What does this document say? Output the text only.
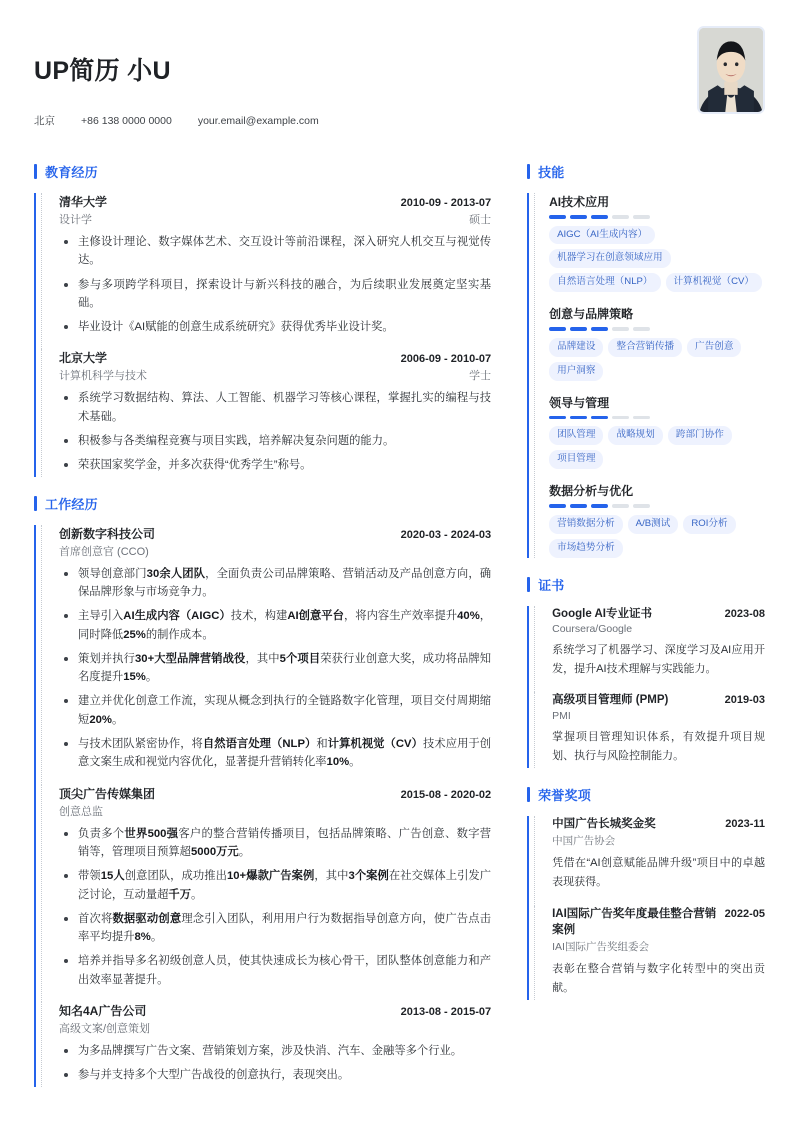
UP简历 小U
北京 +86 138 0000 0000 your.email@example.com
教育经历
清华大学	2010-09 - 2013-07
设计学	硕士
主修设计理论、数字媒体艺术、交互设计等前沿课程，深入研究人机交互与视觉传达。
参与多项跨学科项目，探索设计与新兴科技的融合，为后续职业发展奠定坚实基础。
毕业设计《AI赋能的创意生成系统研究》获得优秀毕业设计奖。
北京大学	2006-09 - 2010-07
计算机科学与技术	学士
系统学习数据结构、算法、人工智能、机器学习等核心课程，掌握扎实的编程与技术基础。
积极参与各类编程竞赛与项目实践，培养解决复杂问题的能力。
荣获国家奖学金，并多次获得“优秀学生”称号。
工作经历
创新数字科技公司	2020-03 - 2024-03
首席创意官 (CCO)
领导创意部门30余人团队，全面负责公司品牌策略、营销活动及产品创意方向，确保品牌形象与市场竞争力。
主导引入AI生成内容（AIGC）技术，构建AI创意平台，将内容生产效率提升40%，同时降低25%的制作成本。
策划并执行30+大型品牌营销战役，其中5个项目荣获行业创意大奖，成功将品牌知名度提升15%。
建立并优化创意工作流，实现从概念到执行的全链路数字化管理，项目交付周期缩短20%。
与技术团队紧密协作，将自然语言处理（NLP）和计算机视觉（CV）技术应用于创意文案生成和视觉内容优化，显著提升营销转化率10%。
顶尖广告传媒集团	2015-08 - 2020-02
创意总监
负责多个世界500强客户的整合营销传播项目，包括品牌策略、广告创意、数字营销等，管理项目预算超5000万元。
带领15人创意团队，成功推出10+爆款广告案例，其中3个案例在社交媒体上引发广泛讨论，互动量超千万。
首次将数据驱动创意理念引入团队，利用用户行为数据指导创意方向，使广告点击率平均提升8%。
培养并指导多名初级创意人员，使其快速成长为核心骨干，团队整体创意能力和产出效率显著提升。
知名4A广告公司	2013-08 - 2015-07
高级文案/创意策划
为多品牌撰写广告文案、营销策划方案，涉及快消、汽车、金融等多个行业。
参与并支持多个大型广告战役的创意执行，表现突出。
技能
AI技术应用
AIGC（AI生成内容）
机器学习在创意领域应用
自然语言处理（NLP）	计算机视觉（CV）
创意与品牌策略
品牌建设	整合营销传播	广告创意
用户洞察
领导与管理
团队管理	战略规划	跨部门协作
项目管理
数据分析与优化
营销数据分析	A/B测试	ROI分析
市场趋势分析
证书
Google AI专业证书	2023-08
Coursera/Google
系统学习了机器学习、深度学习及AI应用开发，提升AI技术理解与实践能力。
高级项目管理师 (PMP)	2019-03
PMI
掌握项目管理知识体系，有效提升项目规划、执行与风险控制能力。
荣誉奖项
中国广告长城奖金奖	2023-11
中国广告协会
凭借在“AI创意赋能品牌升级”项目中的卓越表现获得。
IAI国际广告奖年度最佳整合营销案例
2022-05
IAI国际广告奖组委会
表彰在整合营销与数字化转型中的突出贡献。
